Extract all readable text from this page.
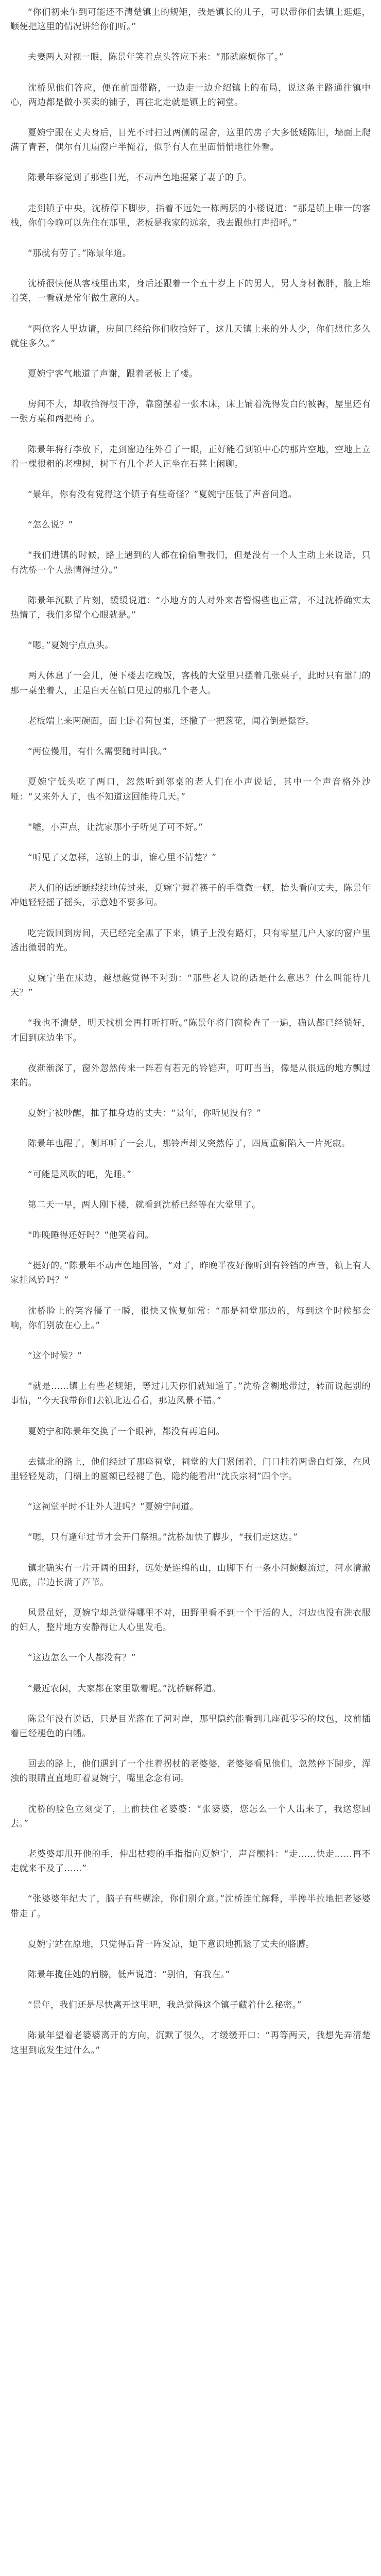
“你们初来乍到可能还不清楚镇上的规矩，我是镇长的儿子，可以带你们去镇上逛逛，顺便把这里的情况讲给你们听。”

夫妻两人对视一眼，陈景年笑着点头答应下来：“那就麻烦你了。”

沈桥见他们答应，便在前面带路，一边走一边介绍镇上的布局，说这条主路通往镇中心，两边都是做小买卖的铺子，再往北走就是镇上的祠堂。

夏婉宁跟在丈夫身后，目光不时扫过两侧的屋舍，这里的房子大多低矮陈旧，墙面上爬满了青苔，偶尔有几扇窗户半掩着，似乎有人在里面悄悄地往外看。

陈景年察觉到了那些目光，不动声色地握紧了妻子的手。

走到镇子中央，沈桥停下脚步，指着不远处一栋两层的小楼说道：“那是镇上唯一的客栈，你们今晚可以先住在那里，老板是我家的远亲，我去跟他打声招呼。”

“那就有劳了。”陈景年道。

沈桥很快便从客栈里出来，身后还跟着一个五十岁上下的男人，男人身材微胖，脸上堆着笑，一看就是常年做生意的人。

“两位客人里边请，房间已经给你们收拾好了，这几天镇上来的外人少，你们想住多久就住多久。”

夏婉宁客气地道了声谢，跟着老板上了楼。

房间不大，却收拾得很干净，靠窗摆着一张木床，床上铺着洗得发白的被褥，屋里还有一张方桌和两把椅子。

陈景年将行李放下，走到窗边往外看了一眼，正好能看到镇中心的那片空地，空地上立着一棵很粗的老槐树，树下有几个老人正坐在石凳上闲聊。

“景年，你有没有觉得这个镇子有些奇怪？”夏婉宁压低了声音问道。

“怎么说？”

“我们进镇的时候，路上遇到的人都在偷偷看我们，但是没有一个人主动上来说话，只有沈桥一个人热情得过分。”

陈景年沉默了片刻，缓缓说道：“小地方的人对外来者警惕些也正常，不过沈桥确实太热情了，我们多留个心眼就是。”

“嗯。”夏婉宁点点头。

两人休息了一会儿，便下楼去吃晚饭，客栈的大堂里只摆着几张桌子，此时只有靠门的那一桌坐着人，正是白天在镇口见过的那几个老人。

老板端上来两碗面，面上卧着荷包蛋，还撒了一把葱花，闻着倒是挺香。

“两位慢用，有什么需要随时叫我。”

夏婉宁低头吃了两口，忽然听到邻桌的老人们在小声说话，其中一个声音格外沙哑：“又来外人了，也不知道这回能待几天。”

“嘘，小声点，让沈家那小子听见了可不好。”

“听见了又怎样，这镇上的事，谁心里不清楚？”

老人们的话断断续续地传过来，夏婉宁握着筷子的手微微一顿，抬头看向丈夫，陈景年冲她轻轻摇了摇头，示意她不要多问。

吃完饭回到房间，天已经完全黑了下来，镇子上没有路灯，只有零星几户人家的窗户里透出微弱的光。

夏婉宁坐在床边，越想越觉得不对劲：“那些老人说的话是什么意思？什么叫能待几天？”

“我也不清楚，明天找机会再打听打听。”陈景年将门窗检查了一遍，确认都已经锁好，才回到床边坐下。

夜渐渐深了，窗外忽然传来一阵若有若无的铃铛声，叮叮当当，像是从很远的地方飘过来的。

夏婉宁被吵醒，推了推身边的丈夫：“景年，你听见没有？”

陈景年也醒了，侧耳听了一会儿，那铃声却又突然停了，四周重新陷入一片死寂。

“可能是风吹的吧，先睡。”

第二天一早，两人刚下楼，就看到沈桥已经等在大堂里了。

“昨晚睡得还好吗？”他笑着问。

“挺好的。”陈景年不动声色地回答，“对了，昨晚半夜好像听到有铃铛的声音，镇上有人家挂风铃吗？”

沈桥脸上的笑容僵了一瞬，很快又恢复如常：“那是祠堂那边的，每到这个时候都会响，你们别放在心上。”

“这个时候？”

“就是……镇上有些老规矩，等过几天你们就知道了。”沈桥含糊地带过，转而说起别的事情，“今天我带你们去镇北边看看，那边风景不错。”

夏婉宁和陈景年交换了一个眼神，都没有再追问。

去镇北的路上，他们经过了那座祠堂，祠堂的大门紧闭着，门口挂着两盏白灯笼，在风里轻轻晃动，门楣上的匾额已经褪了色，隐约能看出“沈氏宗祠”四个字。

“这祠堂平时不让外人进吗？”夏婉宁问道。

“嗯，只有逢年过节才会开门祭祖。”沈桥加快了脚步，“我们走这边。”

镇北确实有一片开阔的田野，远处是连绵的山，山脚下有一条小河蜿蜒流过，河水清澈见底，岸边长满了芦苇。

风景虽好，夏婉宁却总觉得哪里不对，田野里看不到一个干活的人，河边也没有洗衣服的妇人，整片地方安静得让人心里发毛。

“这边怎么一个人都没有？”

“最近农闲，大家都在家里歇着呢。”沈桥解释道。

陈景年没有说话，只是目光落在了河对岸，那里隐约能看到几座孤零零的坟包，坟前插着已经褪色的白幡。

回去的路上，他们遇到了一个拄着拐杖的老婆婆，老婆婆看见他们，忽然停下脚步，浑浊的眼睛直直地盯着夏婉宁，嘴里念念有词。

沈桥的脸色立刻变了，上前扶住老婆婆：“张婆婆，您怎么一个人出来了，我送您回去。”

老婆婆却甩开他的手，伸出枯瘦的手指指向夏婉宁，声音颤抖：“走……快走……再不走就来不及了……”

“张婆婆年纪大了，脑子有些糊涂，你们别介意。”沈桥连忙解释，半搀半拉地把老婆婆带走了。

夏婉宁站在原地，只觉得后背一阵发凉，她下意识地抓紧了丈夫的胳膊。

陈景年揽住她的肩膀，低声说道：“别怕，有我在。”

“景年，我们还是尽快离开这里吧，我总觉得这个镇子藏着什么秘密。”

陈景年望着老婆婆离开的方向，沉默了很久，才缓缓开口：“再等两天，我想先弄清楚这里到底发生过什么。”
